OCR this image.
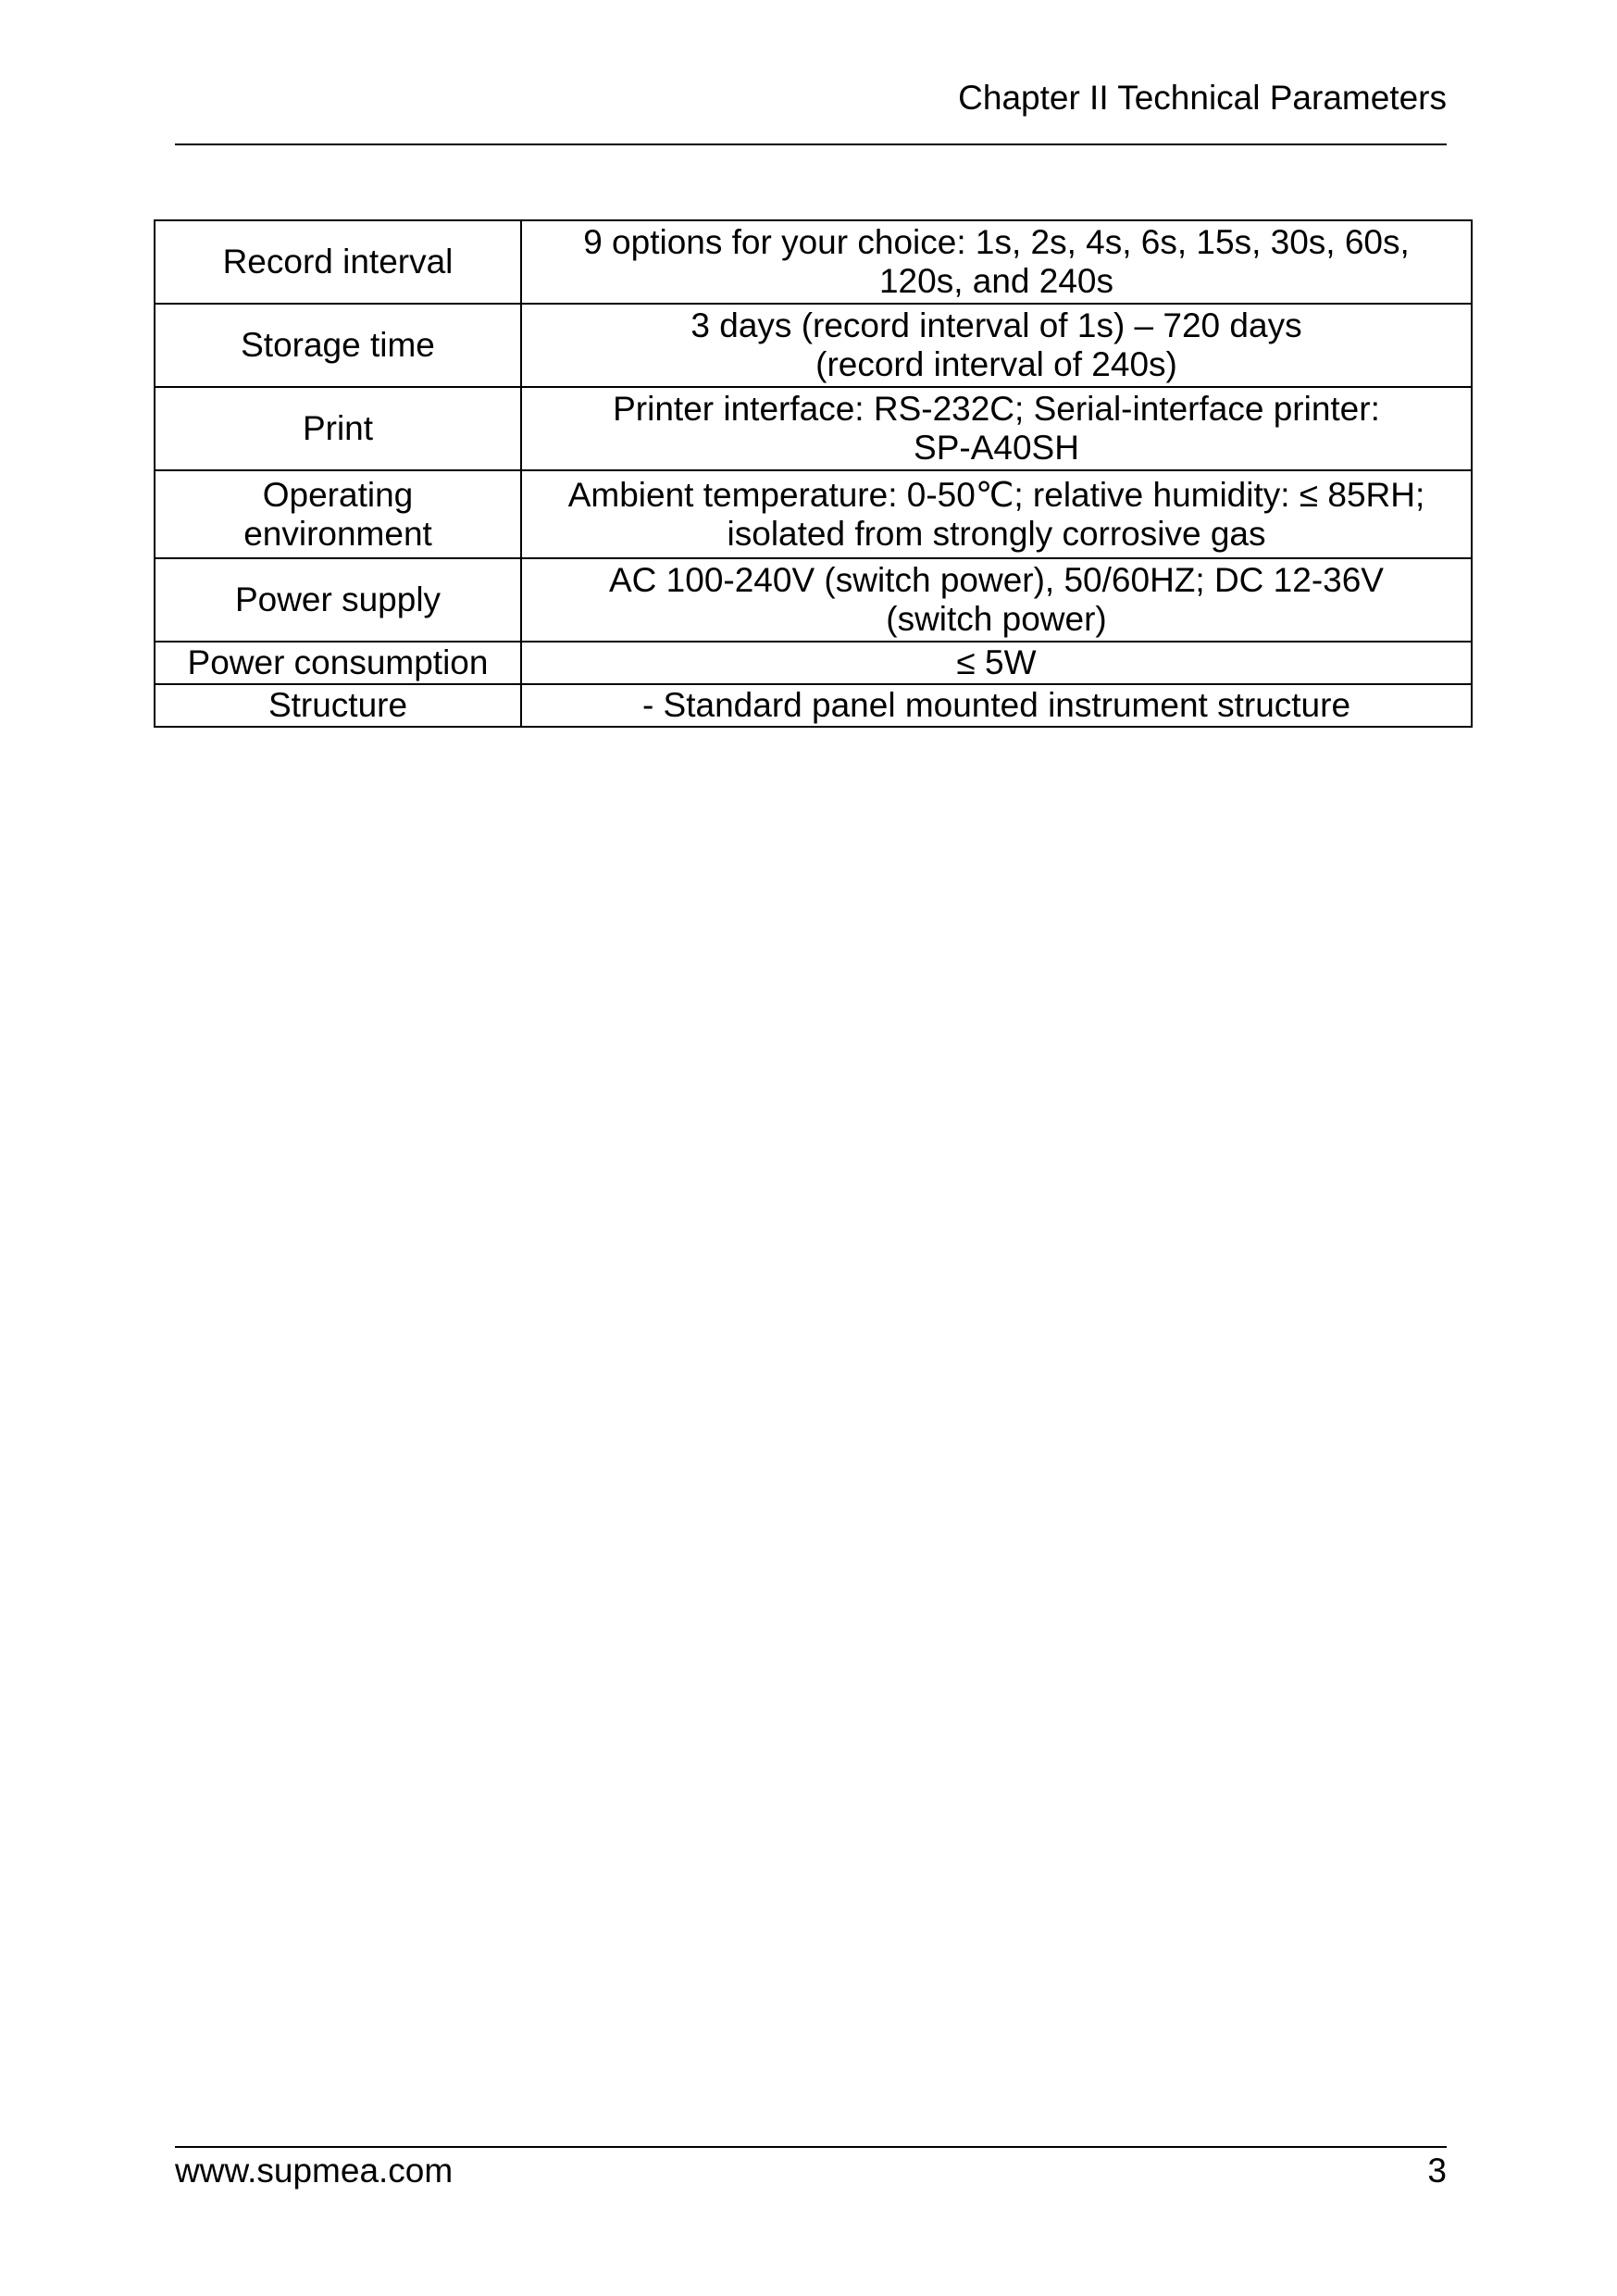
Chapter II Technical Parameters
Record interval	9 options for your choice: 1s, 2s, 4s, 6s, 15s, 30s, 60s,
120s, and 240s

Storage time	3 days (record interval of 1s) – 720 days
(record interval of 240s)

Print	Printer interface: RS-232C; Serial-interface printer:
SP-A40SH

Operating
environment	Ambient temperature: 0-50℃; relative humidity: ≤ 85RH;
isolated from strongly corrosive gas

Power supply	AC 100-240V (switch power), 50/60HZ; DC 12-36V
(switch power)

Power consumption	≤ 5W
Structure	- Standard panel mounted instrument structure
www.supmea.com	3
